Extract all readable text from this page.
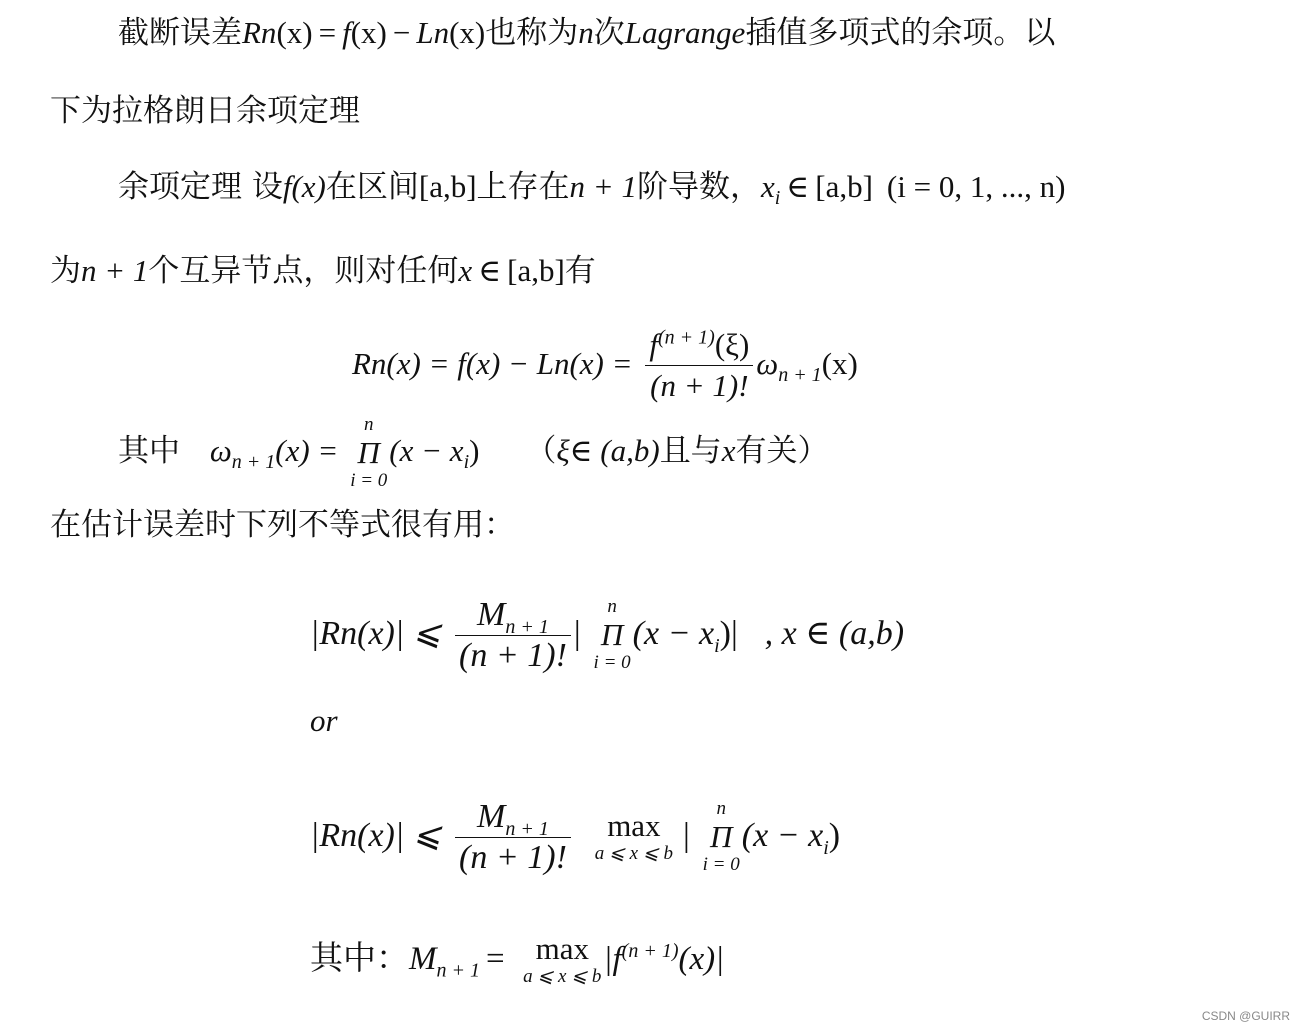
截断误差Rn(x) = f(x) − Ln(x)也称为n次Lagrange插值多项式的余项。以
下为拉格朗日余项定理
余项定理 设f(x)在区间[a,b]上存在n + 1阶导数，$x_i$ ∈ [a,b] (i = 0, 1, ..., n)
为n + 1个互异节点，则对任何x ∈ [a,b]有
$Rn(x) = f(x) - Ln(x) = \frac{f^{(n + 1)}(\xi)}{(n + 1)!} \omega_{n + 1}(x)$
其中 $\omega_{n + 1}(x)$ =
n
Π
i = 0
$(x - x_i)$ （ξ∈ (a,b)且与x有关）
在估计误差时下列不等式很有用：
|Rn(x)| ⩽ $\frac{M_{n + 1}}{(n + 1)!}$ |
n
Π
i = 0
$(x - x_i)|$ , x ∈ (a,b)
or
|Rn(x)| ⩽ $\frac{M_{n + 1}}{(n + 1)!}$
	max
a ⩽ x ⩽ b |
n
Π
i = 0
$(x - x_i)$
其中：$M_{n + 1} = \max$
a ⩽ x ⩽ b $|f^{(n + 1)}(x)|$
CSDN @GUIRR
